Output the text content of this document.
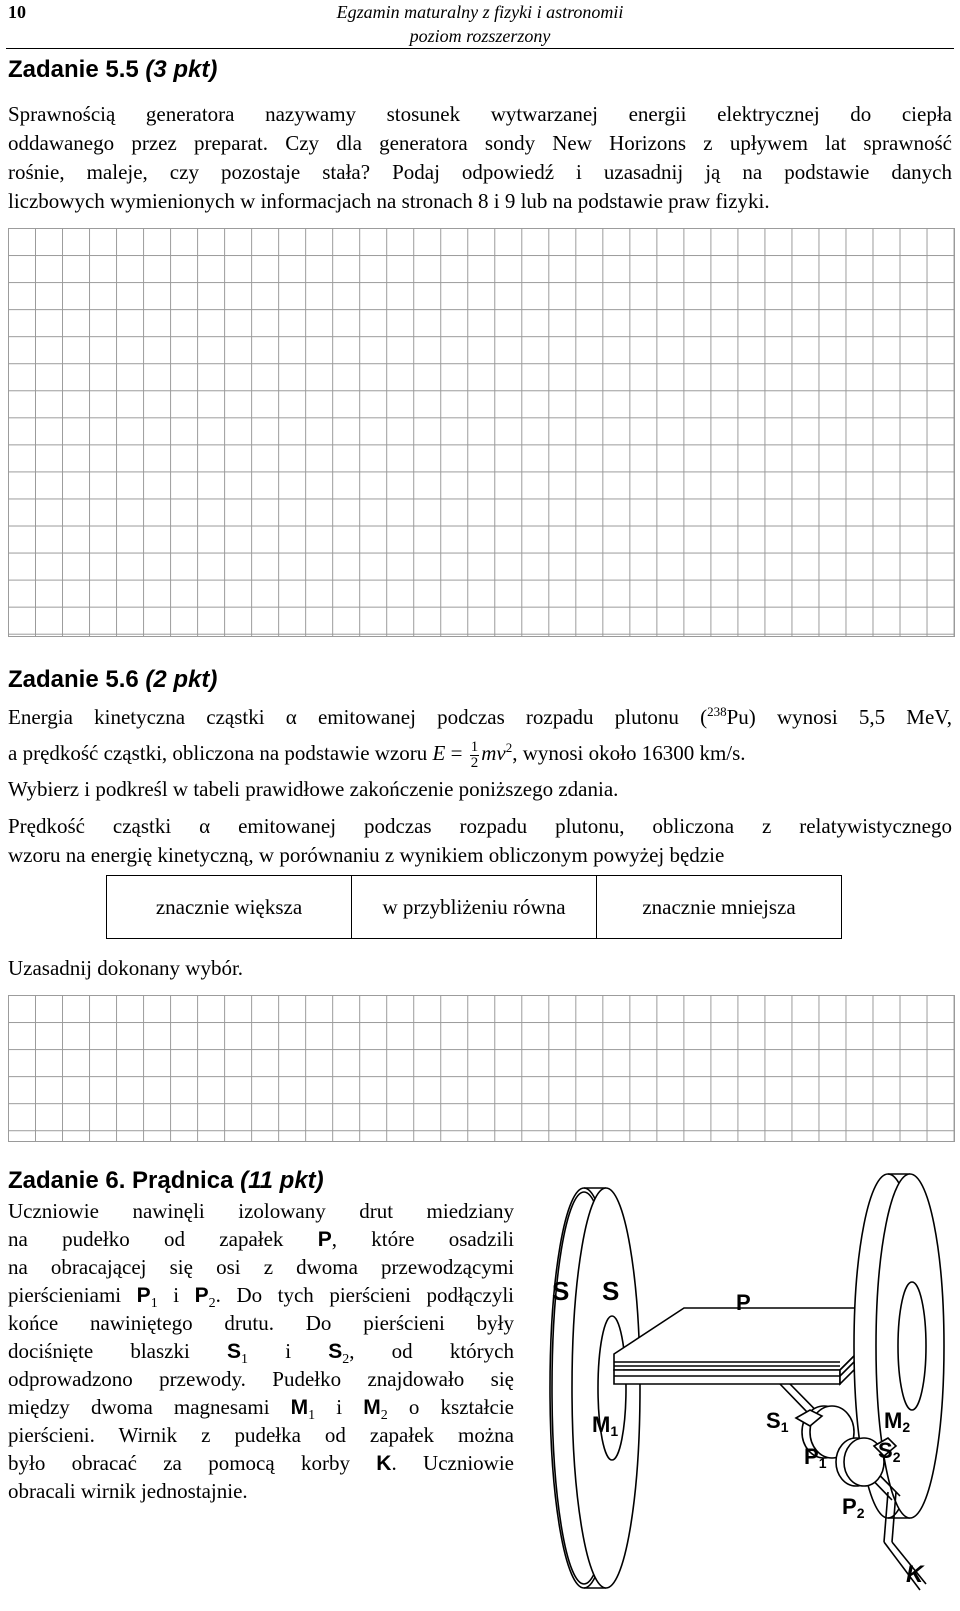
10	Egzamin maturalny z fizyki i astronomii
poziom rozszerzony
Zadanie 5.5 (3 pkt)
Sprawnością generatora nazywamy stosunek wytwarzanej energii elektrycznej do ciepła
oddawanego przez preparat. Czy dla generatora sondy New Horizons z upływem lat sprawność
rośnie, maleje, czy pozostaje stała? Podaj odpowiedź i uzasadnij ją na podstawie danych
liczbowych wymienionych w informacjach na stronach 8 i 9 lub na podstawie praw fizyki.
Zadanie 5.6 (2 pkt)
Energia kinetyczna cząstki α emitowanej podczas rozpadu plutonu ($^{238}$Pu) wynosi 5,5 MeV,
a prędkość cząstki, obliczona na podstawie wzoru $E = \frac{1}{2} mv^2$, wynosi około 16300 km/s.
Wybierz i podkreśl w tabeli prawidłowe zakończenie poniższego zdania.
Prędkość cząstki α emitowanej podczas rozpadu plutonu, obliczona z relatywistycznego
wzoru na energię kinetyczną, w porównaniu z wynikiem obliczonym powyżej będzie
znacznie większa	w przybliżeniu równa	znacznie mniejsza
Uzasadnij dokonany wybór.
Zadanie 6. Prądnica (11 pkt)
Uczniowie nawinęli izolowany drut miedziany
na pudełko od zapałek P, które osadzili
na obracającej się osi z dwoma przewodzącymi
pierścieniami $P_1$ i $P_2$. Do tych pierścieni podłączyli
końce nawiniętego drutu. Do pierścieni były
dociśnięte blaszki $S_1$ i $S_2$, od których
odprowadzono przewody. Pudełko znajdowało się
między dwoma magnesami $M_1$ i $M_2$ o kształcie
pierścieni. Wirnik z pudełka od zapałek można
było obracać za pomocą korby K. Uczniowie
obracali wirnik jednostajnie.
S S	P
M1	S1	M2
S2
P1
P2
K
